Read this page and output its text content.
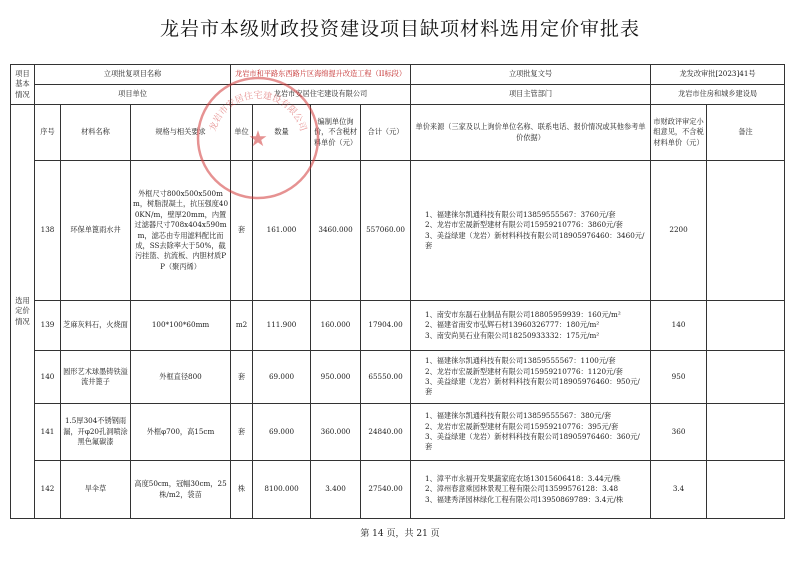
龙岩市本级财政投资建设项目缺项材料选用定价审批表
项目
基本
情况	立项批复项目名称			龙岩市和平路东西路片区海绵提升改造工程（II标段）				立项批复文号	龙发改审批[2023]41号	
	项目单位			龙岩市安居住宅建设有限公司				项目主管部门	龙岩市住房和城乡建设局	
选用
定价
情况	序号	材料名称	规格与相关要求	单位	数量	编制单位询价，不含税材料单价（元）	合计（元）	单价来源（三家及以上询价单位名称、联系电话、报价情况或其他参考单价依据）	市财政评审定小组意见，不含税材料单价（元）	备注
	138	环保单篦雨水井	外框尺寸800x500x500mm，树脂混凝土，抗压强度400KN/m，壁厚20mm，内置过滤器尺寸708x404x590mm，滤芯由专用滤料配比而成，SS去除率大于50%，截污挂篮、抗流板、内胆材质PP（聚丙烯）	套	161.000	3460.000	557060.00	1、福建徕尔凯通科技有限公司13859555567：3760元/套
2、龙岩市宏晟新型建材有限公司15959210776：3860元/套
3、美益绿建（龙岩）新材料科技有限公司18905976460：3460元/套	2200	
	139	芝麻灰料石，火烧面	100*100*60mm	m2	111.900	160.000	17904.00	1、南安市东磊石业制品有限公司18805959939：160元/m²
2、福建省南安市弘辉石材13960326777：180元/m²
3、南安尚昊石业有限公司18250933332：175元/m²	140	
	140	圆形艺术球墨铸铁溢流井篦子	外框直径800	套	69.000	950.000	65550.00	1、福建徕尔凯通科技有限公司13859555567：1100元/套
2、龙岩市宏晟新型建材有限公司15959210776：1120元/套
3、美益绿建（龙岩）新材料科技有限公司18905976460：950元/套	950	
	141	1.5厚304不锈钢雨漏，开φ20孔洞喷涂黑色氟碳漆	外框φ700，高15cm	套	69.000	360.000	24840.00	1、福建徕尔凯通科技有限公司13859555567：380元/套
2、龙岩市宏晟新型建材有限公司15959210776：395元/套
3、美益绿建（龙岩）新材料科技有限公司18905976460：360元/套	360	
	142	旱伞草	高度50cm，冠幅30cm，25株/m2，袋苗	株	8100.000	3.400	27540.00	1、漳平市永福开发果蔬家庭农场13015606418：3.44元/株
2、漳州春意乘园林景观工程有限公司13599576128：3.48
3、福建秀泽园林绿化工程有限公司13950869789：3.4元/株	3.4	
龙岩市安居住宅建设有限公司
★
第 14 页，共 21 页
